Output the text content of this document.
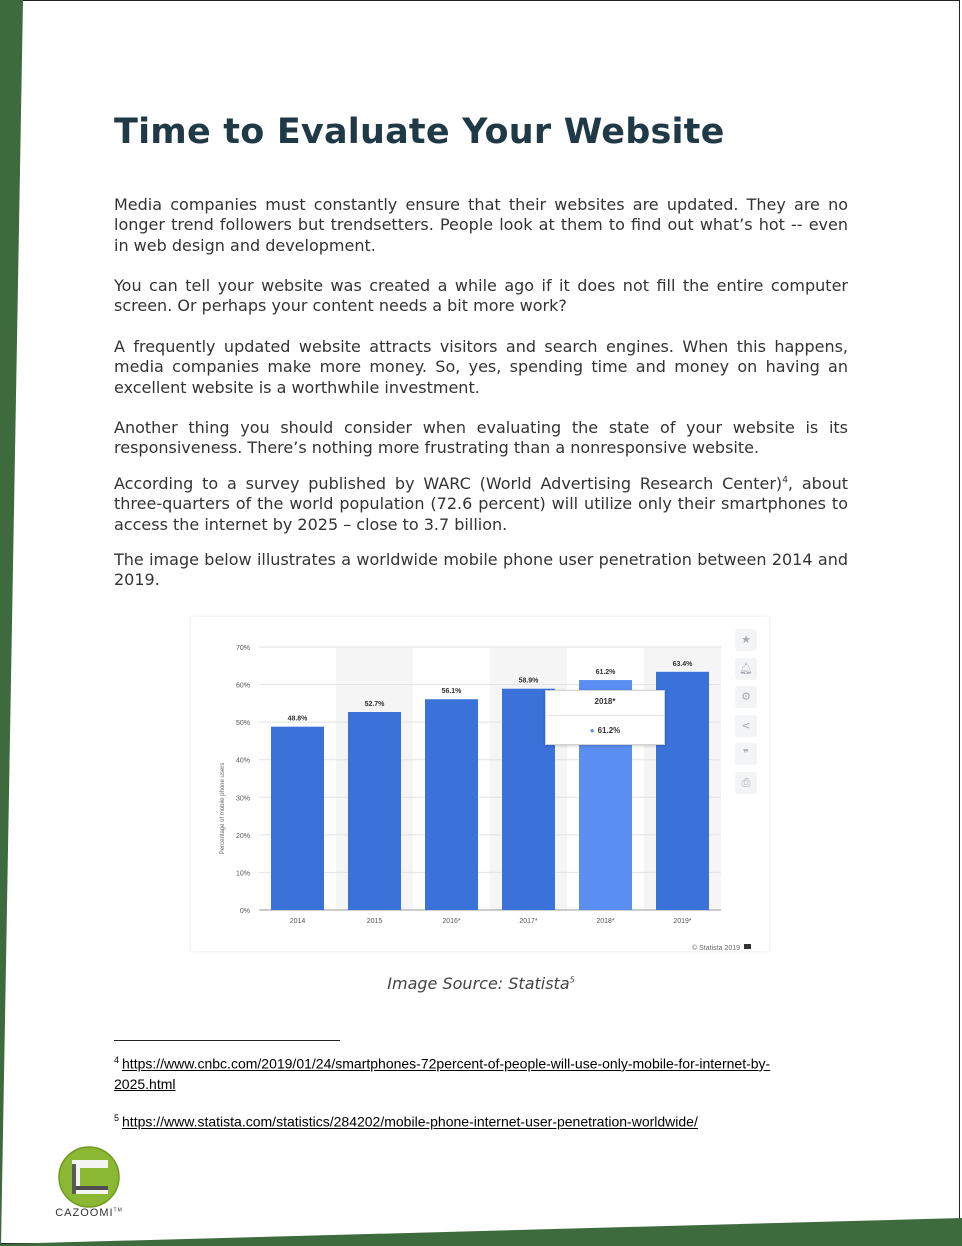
Time to Evaluate Your Website

Media companies must constantly ensure that their websites are updated. They are no longer trend followers but trendsetters. People look at them to find out what’s hot -- even in web design and development.

You can tell your website was created a while ago if it does not fill the entire computer screen. Or perhaps your content needs a bit more work?

A frequently updated website attracts visitors and search engines. When this happens, media companies make more money. So, yes, spending time and money on having an excellent website is a worthwhile investment.

Another thing you should consider when evaluating the state of your website is its responsiveness. There’s nothing more frustrating than a nonresponsive website.

According to a survey published by WARC (World Advertising Research Center)$^4$, about three-quarters of the world population (72.6 percent) will utilize only their smartphones to access the internet by 2025 – close to 3.7 billion.

The image below illustrates a worldwide mobile phone user penetration between 2014 and 2019.

0%
10%
20%
30%
40%
50%
60%
70%
Percentage of mobile phone users
48.8%
2014
52.7%
2015
56.1%
2016*
58.9%
2017*
61.2%
2018*
63.4%
2019*
© Statista 2019
★
🔔︎
⚙
<
❞
⎙
2018*
● 61.2%

Image Source: Statista$^5$

$^4$ https://www.cnbc.com/2019/01/24/smartphones-72percent-of-people-will-use-only-mobile-for-internet-by-
2025.html

$^5$ https://www.statista.com/statistics/284202/mobile-phone-internet-user-penetration-worldwide/

CAZOOMI™
